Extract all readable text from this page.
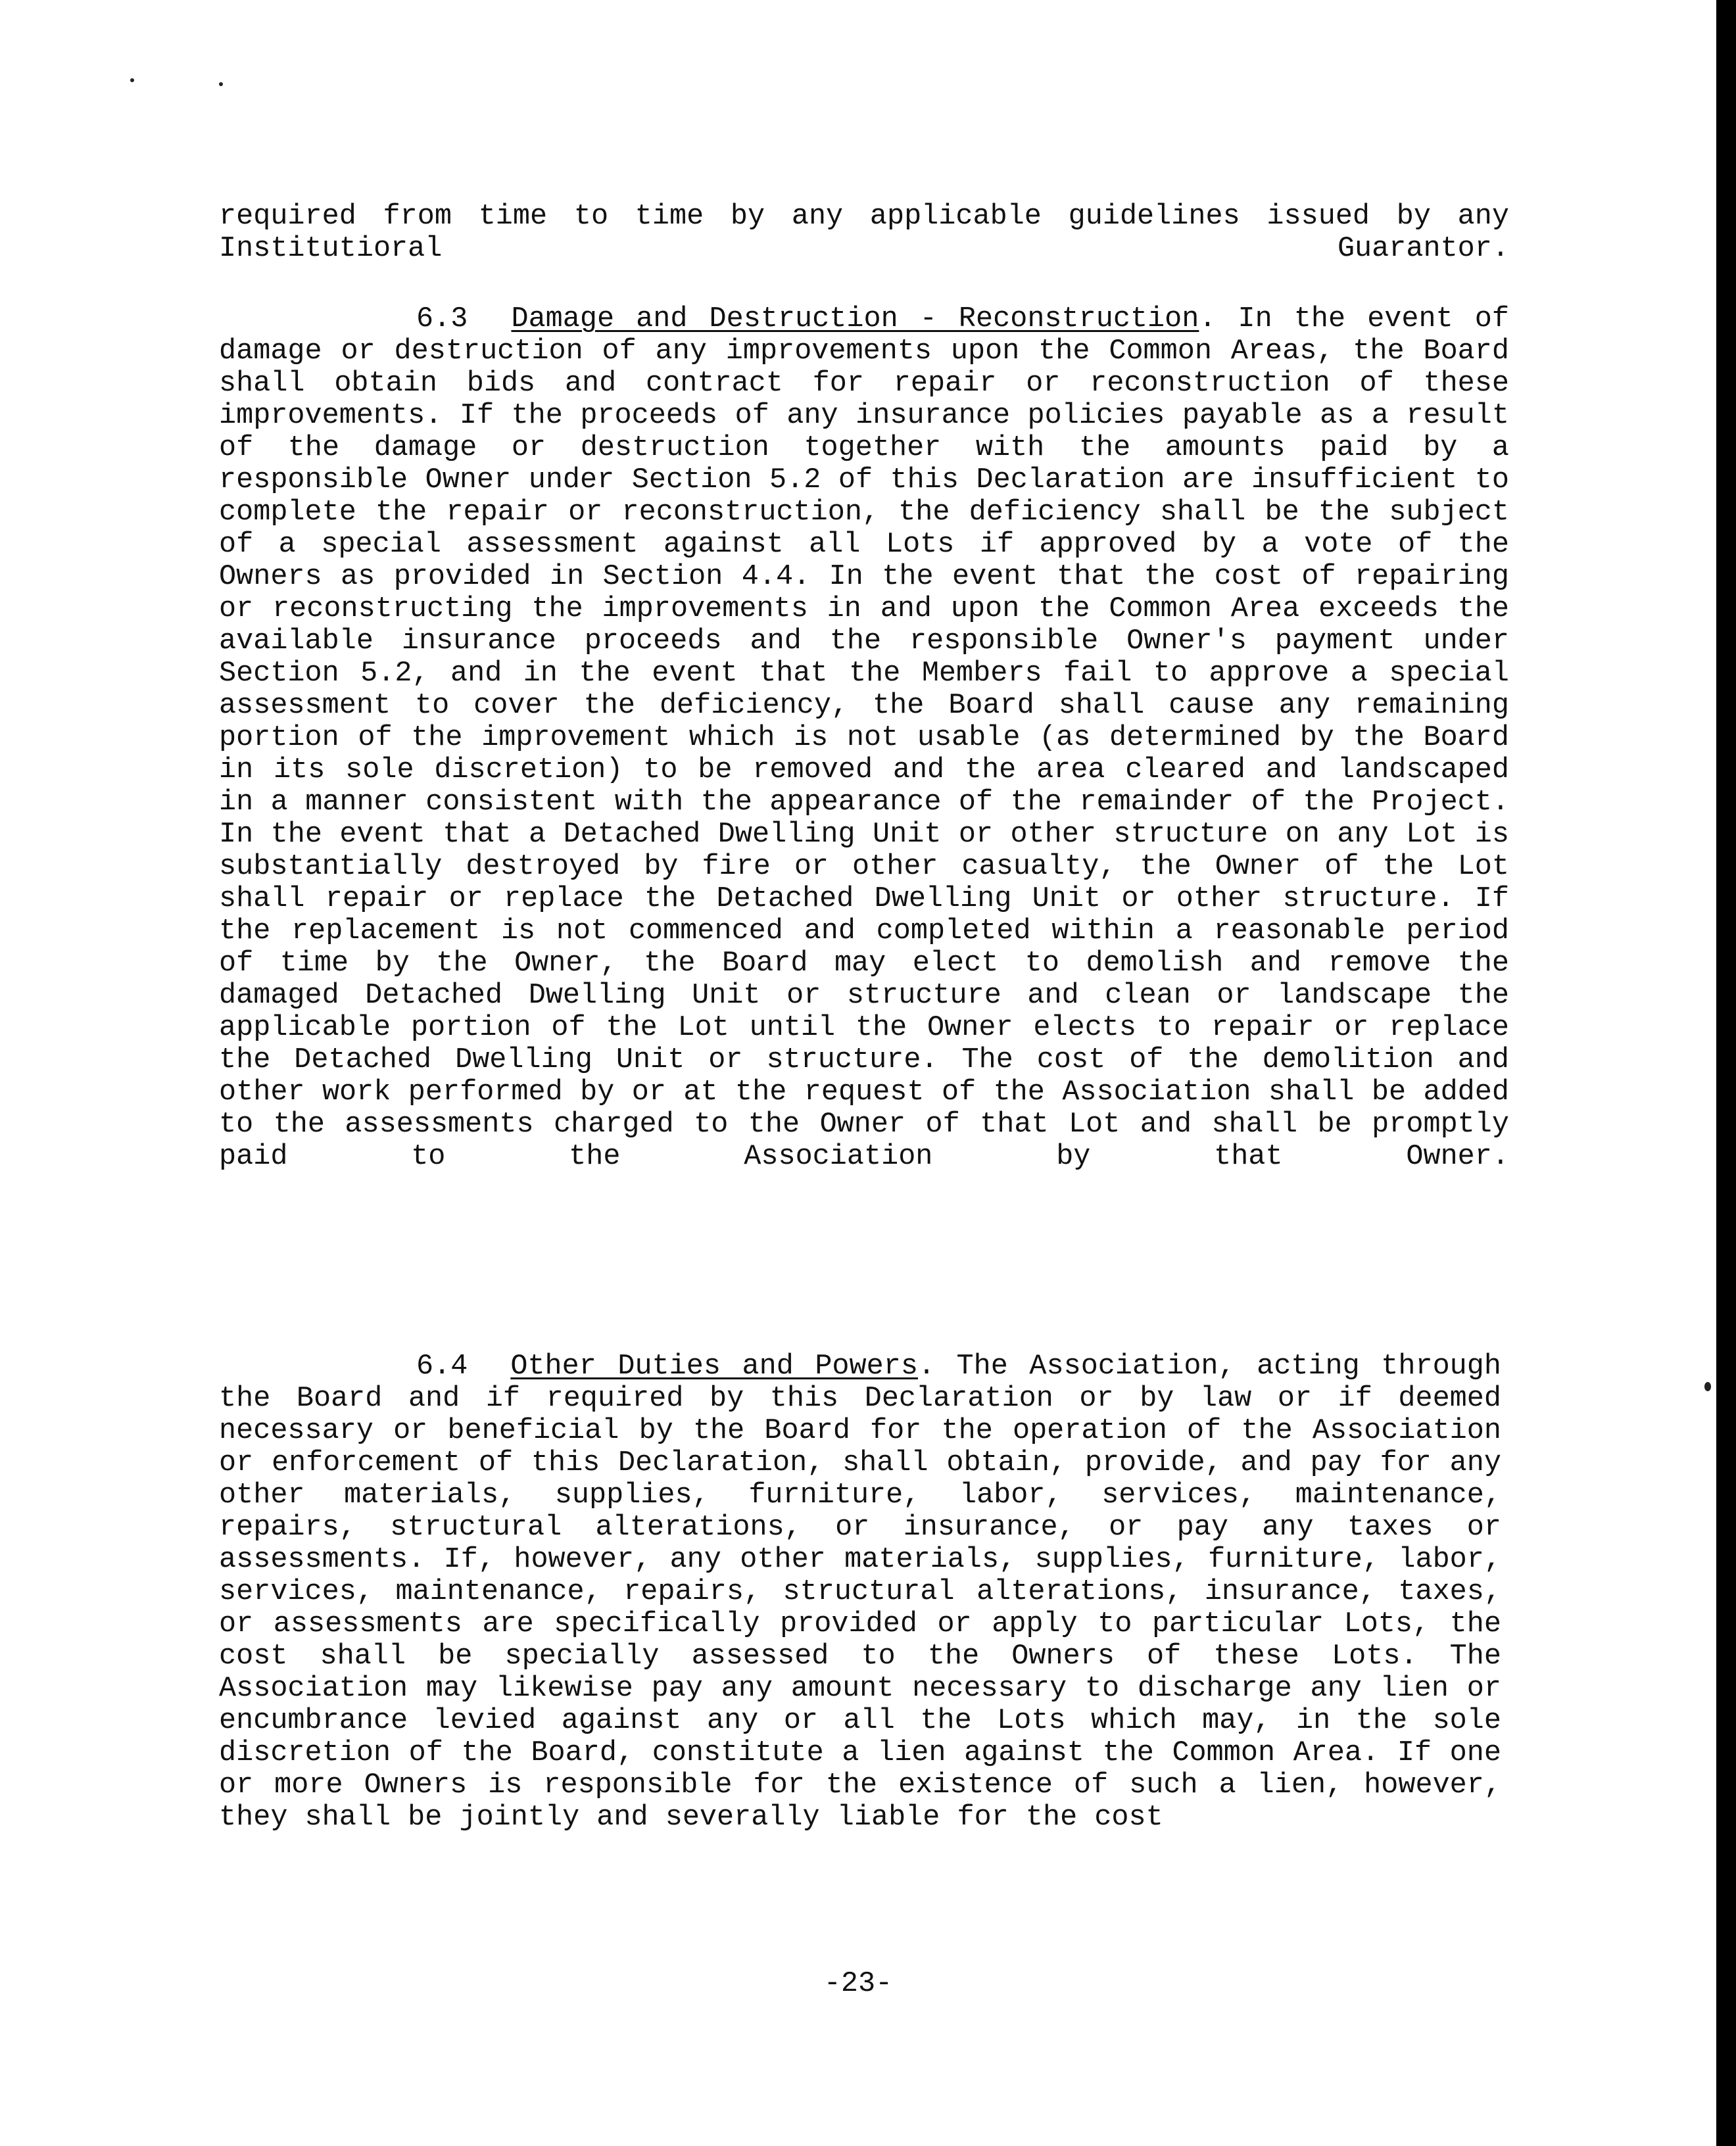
required from time to time by any applicable guidelines issued by any Institutioral Guarantor.

6.3 Damage and Destruction - Reconstruction. In the event of damage or destruction of any improvements upon the Common Areas, the Board shall obtain bids and contract for repair or reconstruction of these improvements. If the proceeds of any insurance policies payable as a result of the damage or destruction together with the amounts paid by a responsible Owner under Section 5.2 of this Declaration are insufficient to complete the repair or reconstruction, the deficiency shall be the subject of a special assessment against all Lots if approved by a vote of the Owners as provided in Section 4.4. In the event that the cost of repairing or reconstructing the improvements in and upon the Common Area exceeds the available insurance proceeds and the responsible Owner's payment under Section 5.2, and in the event that the Members fail to approve a special assessment to cover the deficiency, the Board shall cause any remaining portion of the improvement which is not usable (as determined by the Board in its sole discretion) to be removed and the area cleared and landscaped in a manner consistent with the appearance of the remainder of the Project. In the event that a Detached Dwelling Unit or other structure on any Lot is substantially destroyed by fire or other casualty, the Owner of the Lot shall repair or replace the Detached Dwelling Unit or other structure. If the replacement is not commenced and completed within a reasonable period of time by the Owner, the Board may elect to demolish and remove the damaged Detached Dwelling Unit or structure and clean or landscape the applicable portion of the Lot until the Owner elects to repair or replace the Detached Dwelling Unit or structure. The cost of the demolition and other work performed by or at the request of the Association shall be added to the assessments charged to the Owner of that Lot and shall be promptly paid to the Association by that Owner.

6.4 Other Duties and Powers. The Association, acting through the Board and if required by this Declaration or by law or if deemed necessary or beneficial by the Board for the operation of the Association or enforcement of this Declaration, shall obtain, provide, and pay for any other materials, supplies, furniture, labor, services, maintenance, repairs, structural alterations, or insurance, or pay any taxes or assessments. If, however, any other materials, supplies, furniture, labor, services, maintenance, repairs, structural alterations, insurance, taxes, or assessments are specifically provided or apply to particular Lots, the cost shall be specially assessed to the Owners of these Lots. The Association may likewise pay any amount necessary to discharge any lien or encumbrance levied against any or all the Lots which may, in the sole discretion of the Board, constitute a lien against the Common Area. If one or more Owners is responsible for the existence of such a lien, however, they shall be jointly and severally liable for the cost

-23-
